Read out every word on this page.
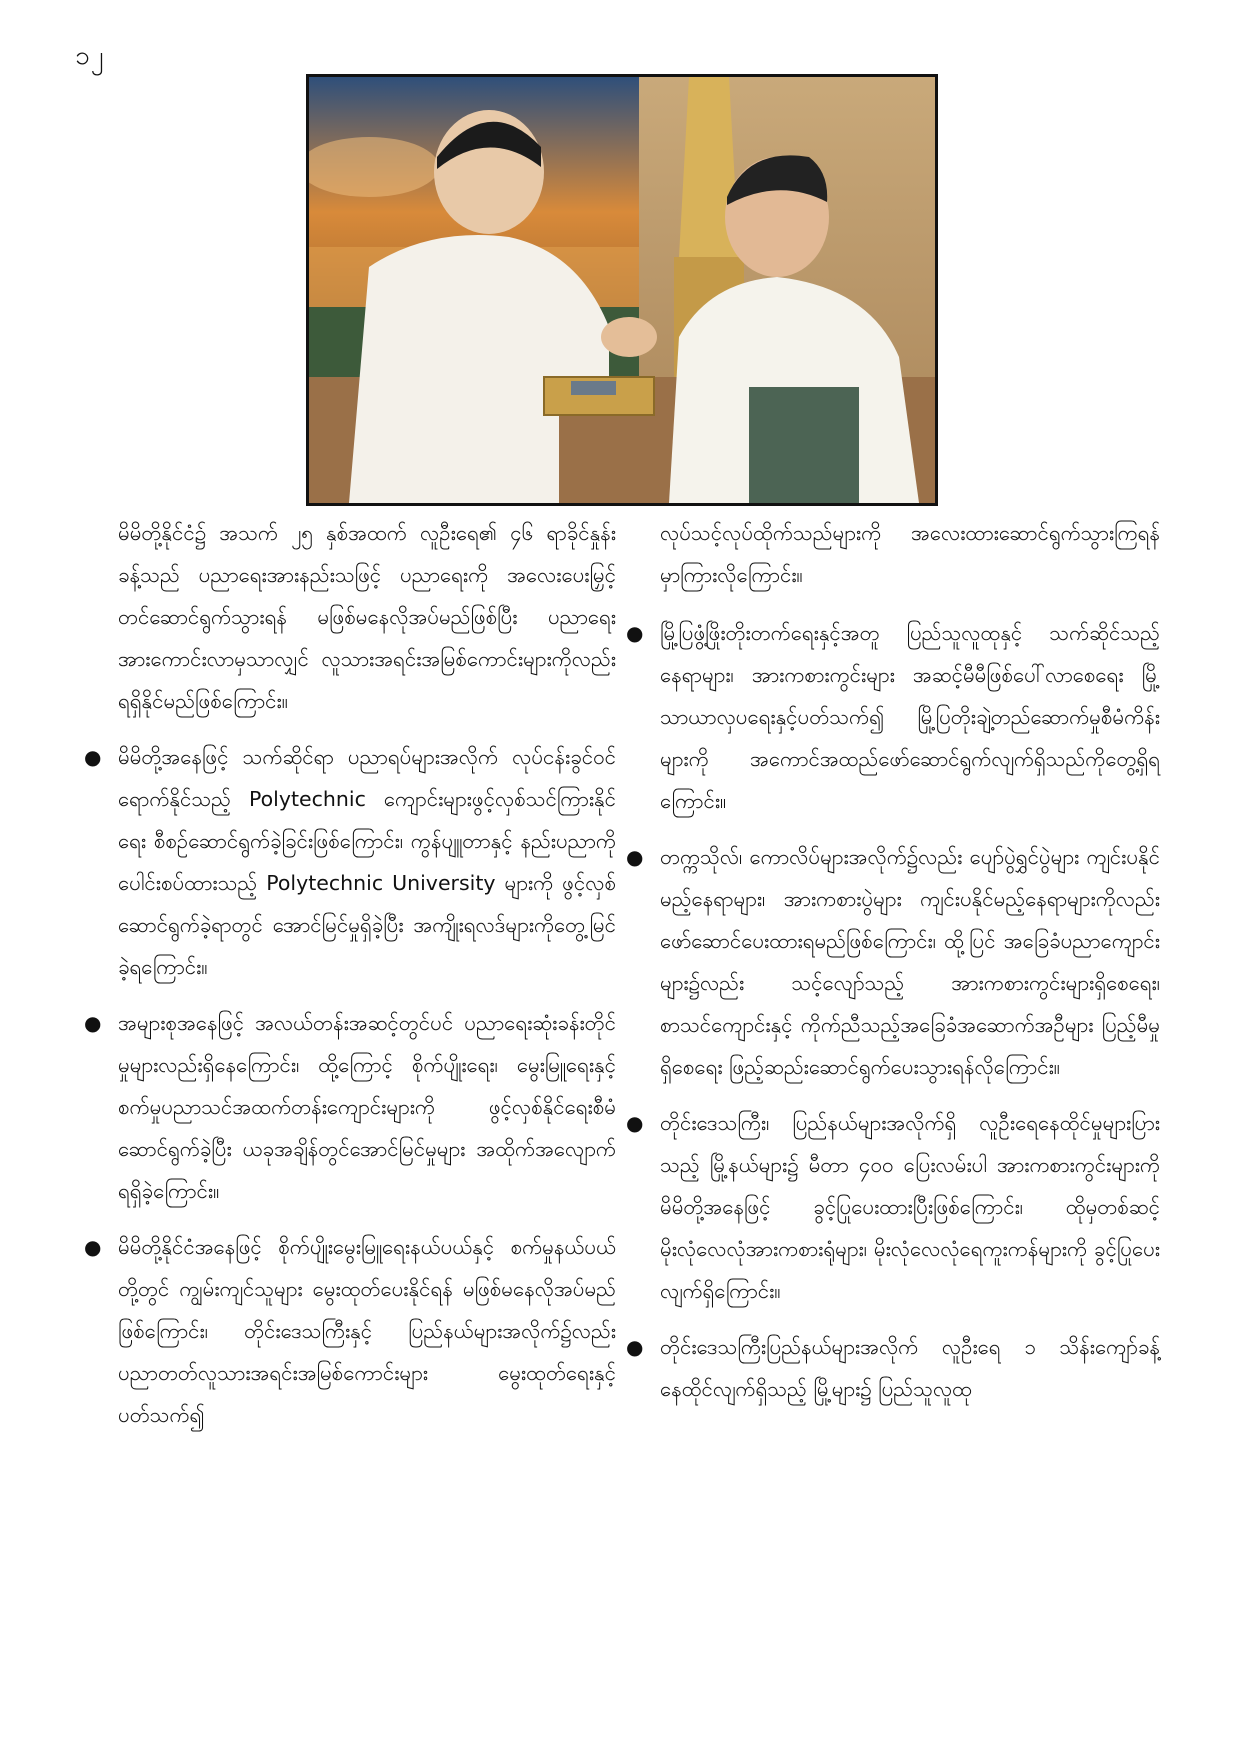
၁၂

မိမိတို့နိုင်ငံ၌ အသက် ၂၅ နှစ်အထက် လူဦးရေ၏ ၄၆ ရာခိုင်နှုန်းခန့်သည် ပညာရေးအားနည်းသဖြင့် ပညာရေးကို အလေးပေးမြှင့်တင်ဆောင်ရွက်သွားရန် မဖြစ်မနေလိုအပ်မည်ဖြစ်ပြီး ပညာရေး အားကောင်းလာမှသာလျှင် လူသားအရင်းအမြစ်ကောင်းများကိုလည်း ရရှိနိုင်မည်ဖြစ်ကြောင်း။

● မိမိတို့အနေဖြင့် သက်ဆိုင်ရာ ပညာရပ်များအလိုက် လုပ်ငန်းခွင်ဝင်ရောက်နိုင်သည့် Polytechnic ကျောင်းများဖွင့်လှစ်သင်ကြားနိုင်ရေး စီစဉ်ဆောင်ရွက်ခဲ့ခြင်းဖြစ်ကြောင်း၊ ကွန်ပျူတာနှင့် နည်းပညာကို ပေါင်းစပ်ထားသည့် Polytechnic University များကို ဖွင့်လှစ်ဆောင်ရွက်ခဲ့ရာတွင် အောင်မြင်မှုရှိခဲ့ပြီး အကျိုးရလဒ်များကိုတွေ့မြင်ခဲ့ရကြောင်း။
● အများစုအနေဖြင့် အလယ်တန်းအဆင့်တွင်ပင် ပညာရေးဆုံးခန်းတိုင်မှုများလည်းရှိနေကြောင်း၊ ထို့ကြောင့် စိုက်ပျိုးရေး၊ မွေးမြူရေးနှင့် စက်မှုပညာသင်အထက်တန်းကျောင်းများကို ဖွင့်လှစ်နိုင်ရေးစီမံဆောင်ရွက်ခဲ့ပြီး ယခုအချိန်တွင်အောင်မြင်မှုများ အထိုက်အလျောက် ရရှိခဲ့ကြောင်း။
● မိမိတို့နိုင်ငံအနေဖြင့် စိုက်ပျိုးမွေးမြူရေးနယ်ပယ်နှင့် စက်မှုနယ်ပယ်တို့တွင် ကျွမ်းကျင်သူများ မွေးထုတ်ပေးနိုင်ရန် မဖြစ်မနေလိုအပ်မည်ဖြစ်ကြောင်း၊ တိုင်းဒေသကြီးနှင့် ပြည်နယ်များအလိုက်၌လည်း ပညာတတ်လူသားအရင်းအမြစ်ကောင်းများ မွေးထုတ်ရေးနှင့်ပတ်သက်၍

လုပ်သင့်လုပ်ထိုက်သည်များကို အလေးထားဆောင်ရွက်သွားကြရန်မှာကြားလိုကြောင်း။

● မြို့ပြဖွံ့ဖြိုးတိုးတက်ရေးနှင့်အတူ ပြည်သူလူထုနှင့် သက်ဆိုင်သည့်နေရာများ၊ အားကစားကွင်းများ အဆင့်မီမီဖြစ်ပေါ်လာစေရေး မြို့သာယာလှပရေးနှင့်ပတ်သက်၍ မြို့ပြတိုးချဲ့တည်ဆောက်မှုစီမံကိန်းများကို အကောင်အထည်ဖော်ဆောင်ရွက်လျက်ရှိသည်ကိုတွေ့ရှိရကြောင်း။
● တက္ကသိုလ်၊ ကောလိပ်များအလိုက်၌လည်း ပျော်ပွဲရွှင်ပွဲများ ကျင်းပနိုင်မည့်နေရာများ၊ အားကစားပွဲများ ကျင်းပနိုင်မည့်နေရာများကိုလည်း ဖော်ဆောင်ပေးထားရမည်ဖြစ်ကြောင်း၊ ထို့ပြင် အခြေခံပညာကျောင်းများ၌လည်း သင့်လျော်သည့် အားကစားကွင်းများရှိစေရေး၊ စာသင်ကျောင်းနှင့် ကိုက်ညီသည့်အခြေခံအဆောက်အဦများ ပြည့်မီမှုရှိစေရေး ဖြည့်ဆည်းဆောင်ရွက်ပေးသွားရန်လိုကြောင်း။
● တိုင်းဒေသကြီး၊ ပြည်နယ်များအလိုက်ရှိ လူဦးရေနေထိုင်မှုများပြားသည့် မြို့နယ်များ၌ မီတာ ၄၀၀ ပြေးလမ်းပါ အားကစားကွင်းများကို မိမိတို့အနေဖြင့် ခွင့်ပြုပေးထားပြီးဖြစ်ကြောင်း၊ ထိုမှတစ်ဆင့် မိုးလုံလေလုံအားကစားရုံများ၊ မိုးလုံလေလုံရေကူးကန်များကို ခွင့်ပြုပေးလျက်ရှိကြောင်း။
● တိုင်းဒေသကြီးပြည်နယ်များအလိုက် လူဦးရေ ၁ သိန်းကျော်ခန့်နေထိုင်လျက်ရှိသည့် မြို့များ၌ ပြည်သူလူထု
